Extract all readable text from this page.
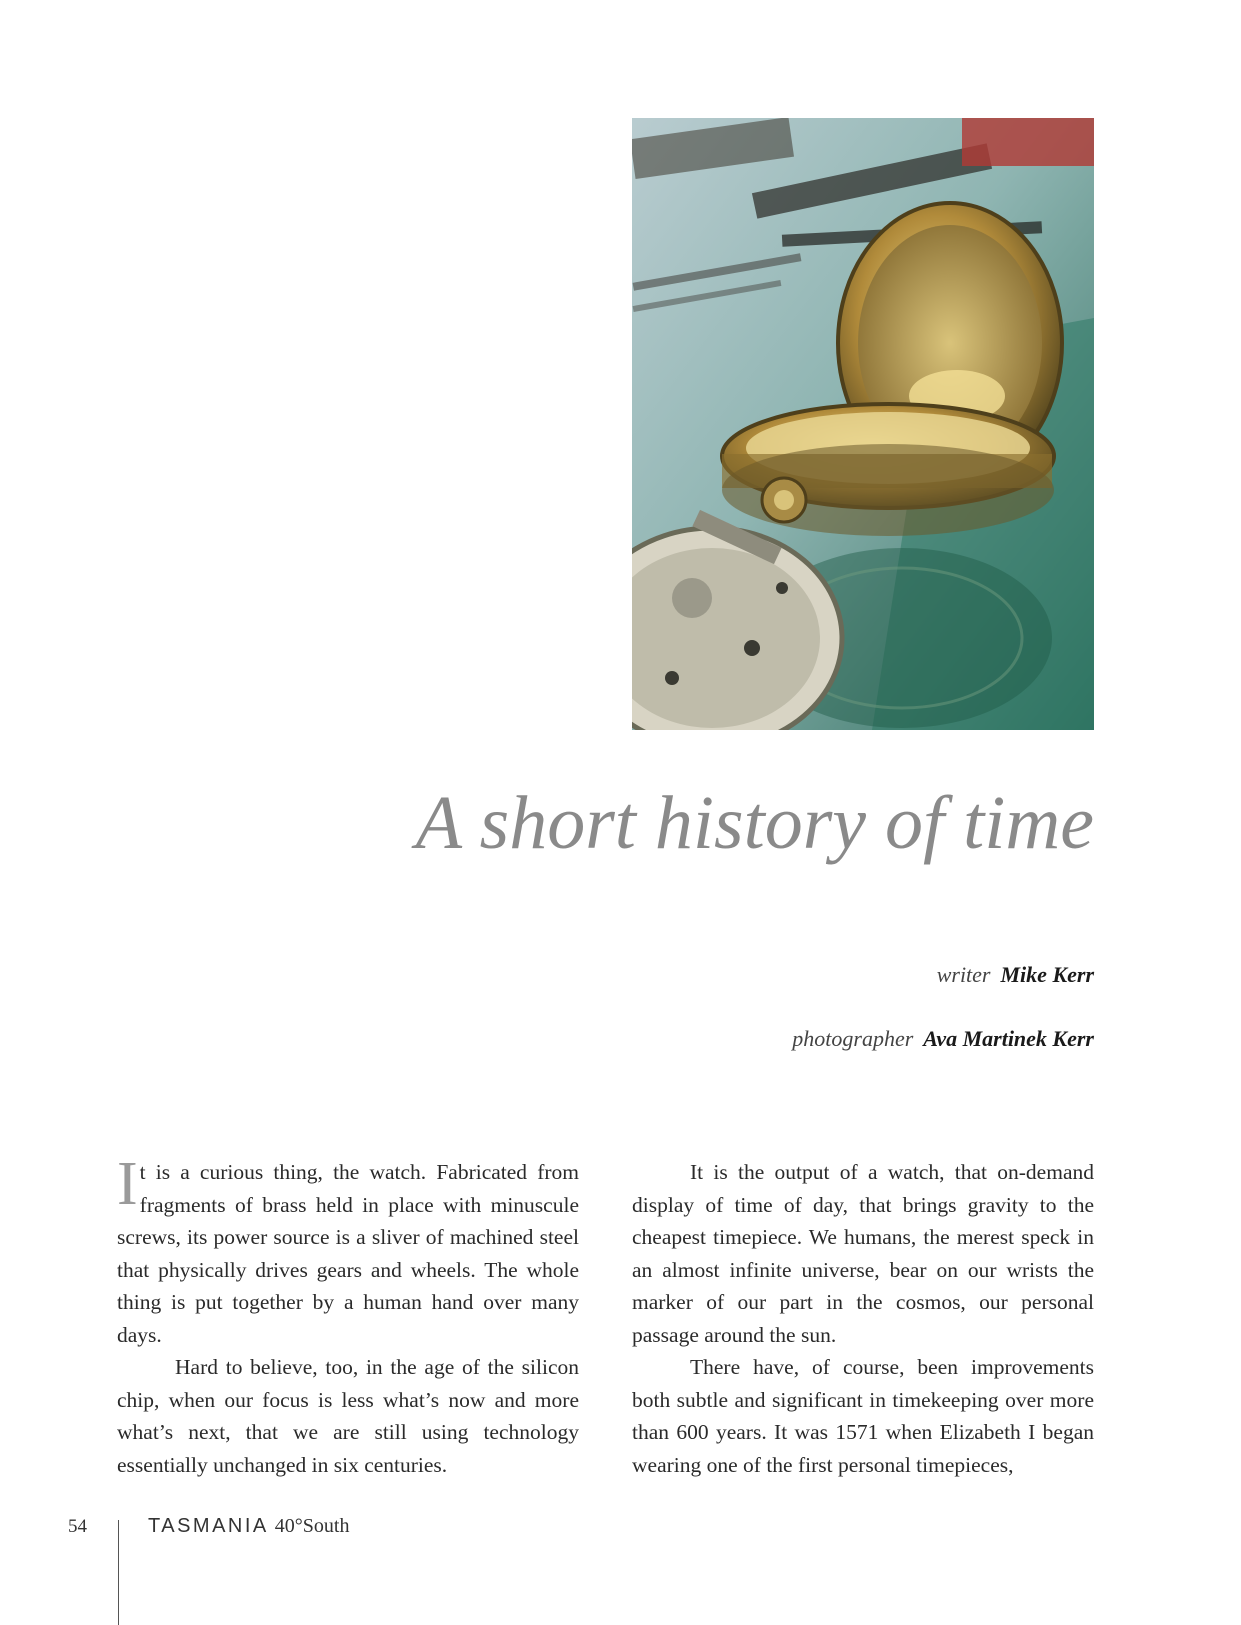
A short history of time
writer Mike Kerr
photographer Ava Martinek Kerr

It is a curious thing, the watch. Fabricated from fragments of brass held in place with minuscule screws, its power source is a sliver of machined steel that physically drives gears and wheels. The whole thing is put together by a human hand over many days.

Hard to believe, too, in the age of the silicon chip, when our focus is less what’s now and more what’s next, that we are still using technology essentially unchanged in six centuries.

It is the output of a watch, that on-demand display of time of day, that brings gravity to the cheapest timepiece. We humans, the merest speck in an almost infinite universe, bear on our wrists the marker of our part in the cosmos, our personal passage around the sun.

There have, of course, been improvements both subtle and significant in timekeeping over more than 600 years. It was 1571 when Elizabeth I began wearing one of the first personal timepieces,

54	TASMANIA 40°South
